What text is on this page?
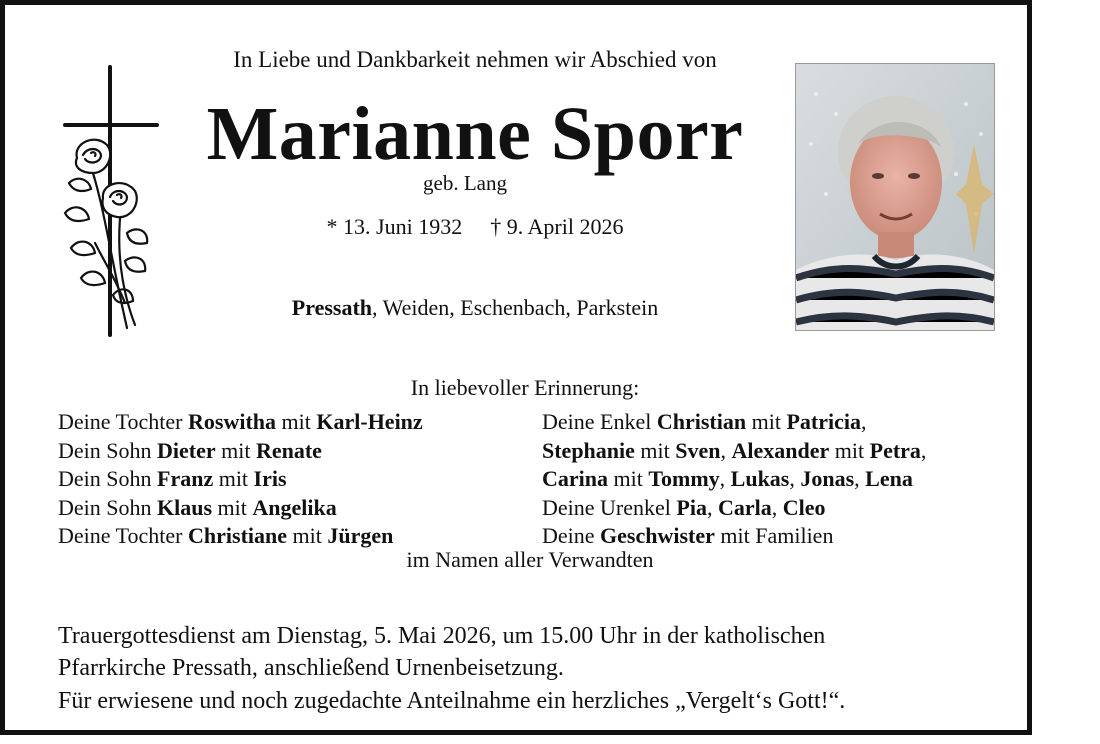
In Liebe und Dankbarkeit nehmen wir Abschied von
Marianne Sporr
geb. Lang
* 13. Juni 1932 † 9. April 2026
Pressath, Weiden, Eschenbach, Parkstein
In liebevoller Erinnerung:
Deine Tochter Roswitha mit Karl-Heinz
Dein Sohn Dieter mit Renate
Dein Sohn Franz mit Iris
Dein Sohn Klaus mit Angelika
Deine Tochter Christiane mit Jürgen
Deine Enkel Christian mit Patricia,
Stephanie mit Sven, Alexander mit Petra,
Carina mit Tommy, Lukas, Jonas, Lena
Deine Urenkel Pia, Carla, Cleo
Deine Geschwister mit Familien
im Namen aller Verwandten
Trauergottesdienst am Dienstag, 5. Mai 2026, um 15.00 Uhr in der katholischen
Pfarrkirche Pressath, anschließend Urnenbeisetzung.
Für erwiesene und noch zugedachte Anteilnahme ein herzliches „Vergelt‘s Gott!“.
